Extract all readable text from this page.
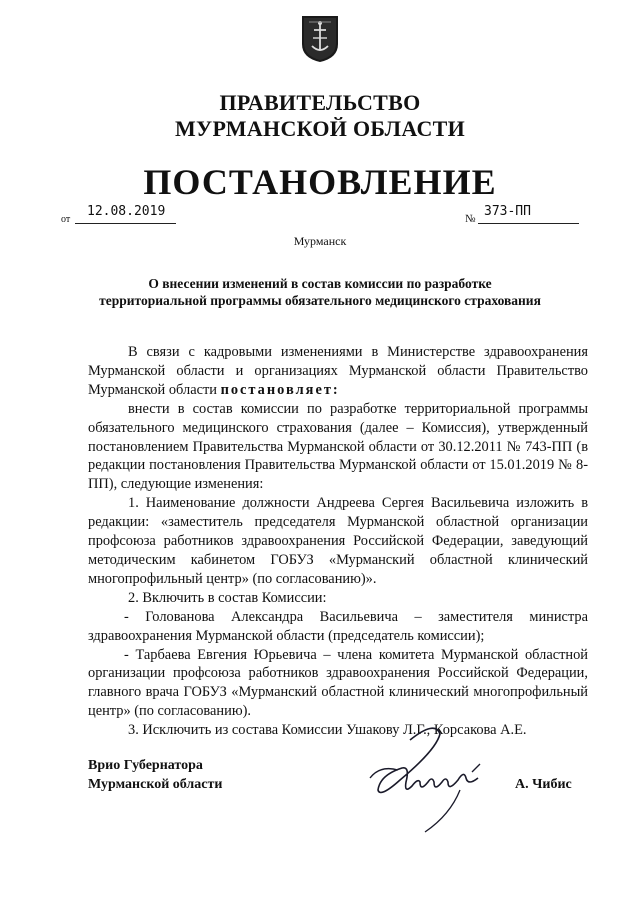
ПРАВИТЕЛЬСТВО
МУРМАНСКОЙ ОБЛАСТИ
ПОСТАНОВЛЕНИЕ
от
12.08.2019	№ 373-ПП
Мурманск
О внесении изменений в состав комиссии по разработке
территориальной программы обязательного медицинского страхования

В связи с кадровыми изменениями в Министерстве здравоохранения Мурманской области и организациях Мурманской области Правительство Мурманской области постановляет:

внести в состав комиссии по разработке территориальной программы обязательного медицинского страхования (далее – Комиссия), утвержденный постановлением Правительства Мурманской области от 30.12.2011 № 743-ПП (в редакции постановления Правительства Мурманской области от 15.01.2019 № 8-ПП), следующие изменения:

1. Наименование должности Андреева Сергея Васильевича изложить в редакции: «заместитель председателя Мурманской областной организации профсоюза работников здравоохранения Российской Федерации, заведующий методическим кабинетом ГОБУЗ «Мурманский областной клинический многопрофильный центр» (по согласованию)».

2. Включить в состав Комиссии:

- Голованова Александра Васильевича – заместителя министра здравоохранения Мурманской области (председатель комиссии);

- Тарбаева Евгения Юрьевича – члена комитета Мурманской областной организации профсоюза работников здравоохранения Российской Федерации, главного врача ГОБУЗ «Мурманский областной клинический многопрофильный центр» (по согласованию).

3. Исключить из состава Комиссии Ушакову Л.Г., Корсакова А.Е.

Врио Губернатора
Мурманской области	А. Чибис
